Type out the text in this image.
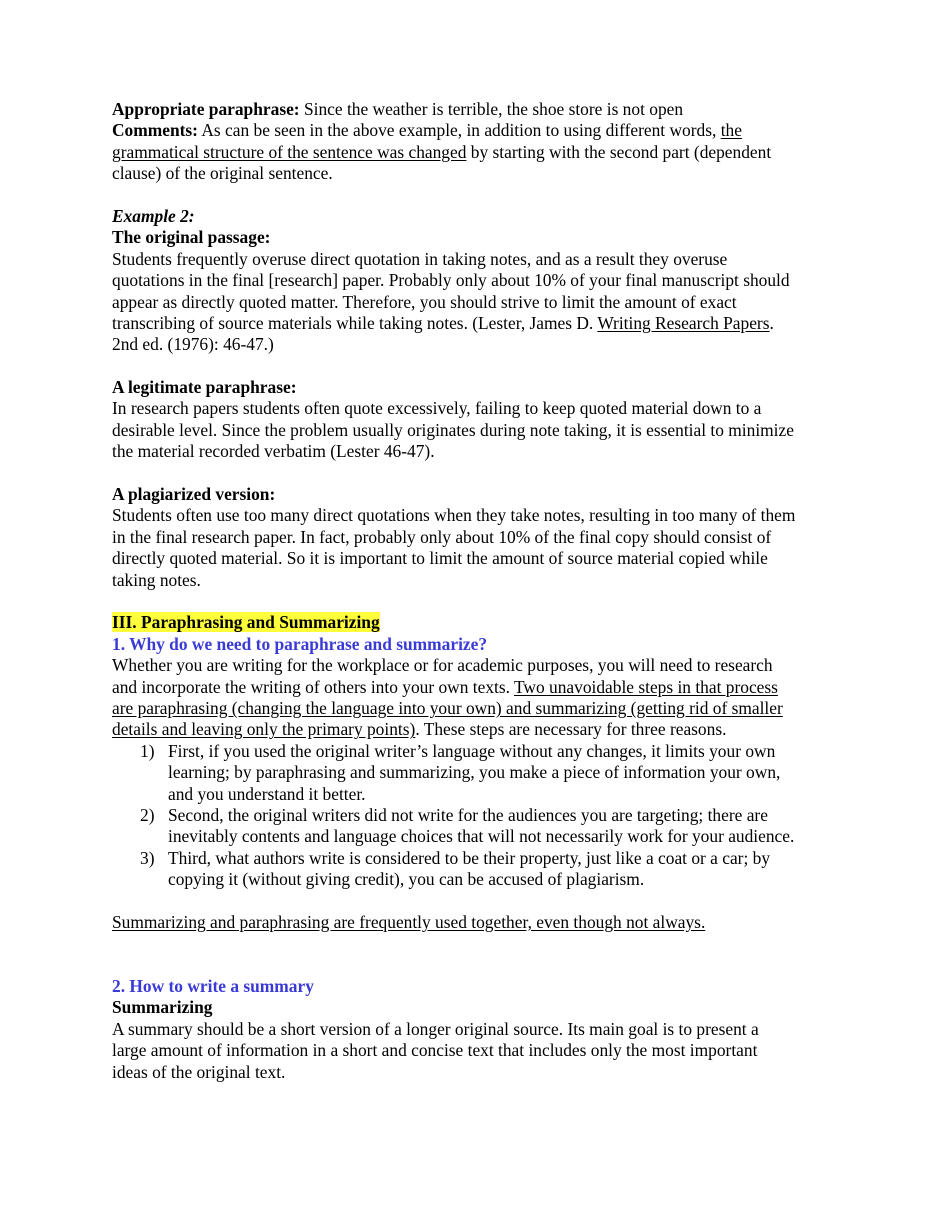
Appropriate paraphrase: Since the weather is terrible, the shoe store is not open
Comments: As can be seen in the above example, in addition to using different words, the
grammatical structure of the sentence was changed by starting with the second part (dependent
clause) of the original sentence.
Example 2:
The original passage:
Students frequently overuse direct quotation in taking notes, and as a result they overuse
quotations in the final [research] paper. Probably only about 10% of your final manuscript should
appear as directly quoted matter. Therefore, you should strive to limit the amount of exact
transcribing of source materials while taking notes. (Lester, James D. Writing Research Papers.
2nd ed. (1976): 46-47.)
A legitimate paraphrase:
In research papers students often quote excessively, failing to keep quoted material down to a
desirable level. Since the problem usually originates during note taking, it is essential to minimize
the material recorded verbatim (Lester 46-47).
A plagiarized version:
Students often use too many direct quotations when they take notes, resulting in too many of them
in the final research paper. In fact, probably only about 10% of the final copy should consist of
directly quoted material. So it is important to limit the amount of source material copied while
taking notes.
III. Paraphrasing and Summarizing
1. Why do we need to paraphrase and summarize?
Whether you are writing for the workplace or for academic purposes, you will need to research
and incorporate the writing of others into your own texts. Two unavoidable steps in that process
are paraphrasing (changing the language into your own) and summarizing (getting rid of smaller
details and leaving only the primary points). These steps are necessary for three reasons.
1) First, if you used the original writer’s language without any changes, it limits your own
learning; by paraphrasing and summarizing, you make a piece of information your own,
and you understand it better.
2) Second, the original writers did not write for the audiences you are targeting; there are
inevitably contents and language choices that will not necessarily work for your audience.
3) Third, what authors write is considered to be their property, just like a coat or a car; by
copying it (without giving credit), you can be accused of plagiarism.
Summarizing and paraphrasing are frequently used together, even though not always.
2. How to write a summary
Summarizing
A summary should be a short version of a longer original source. Its main goal is to present a
large amount of information in a short and concise text that includes only the most important
ideas of the original text.
